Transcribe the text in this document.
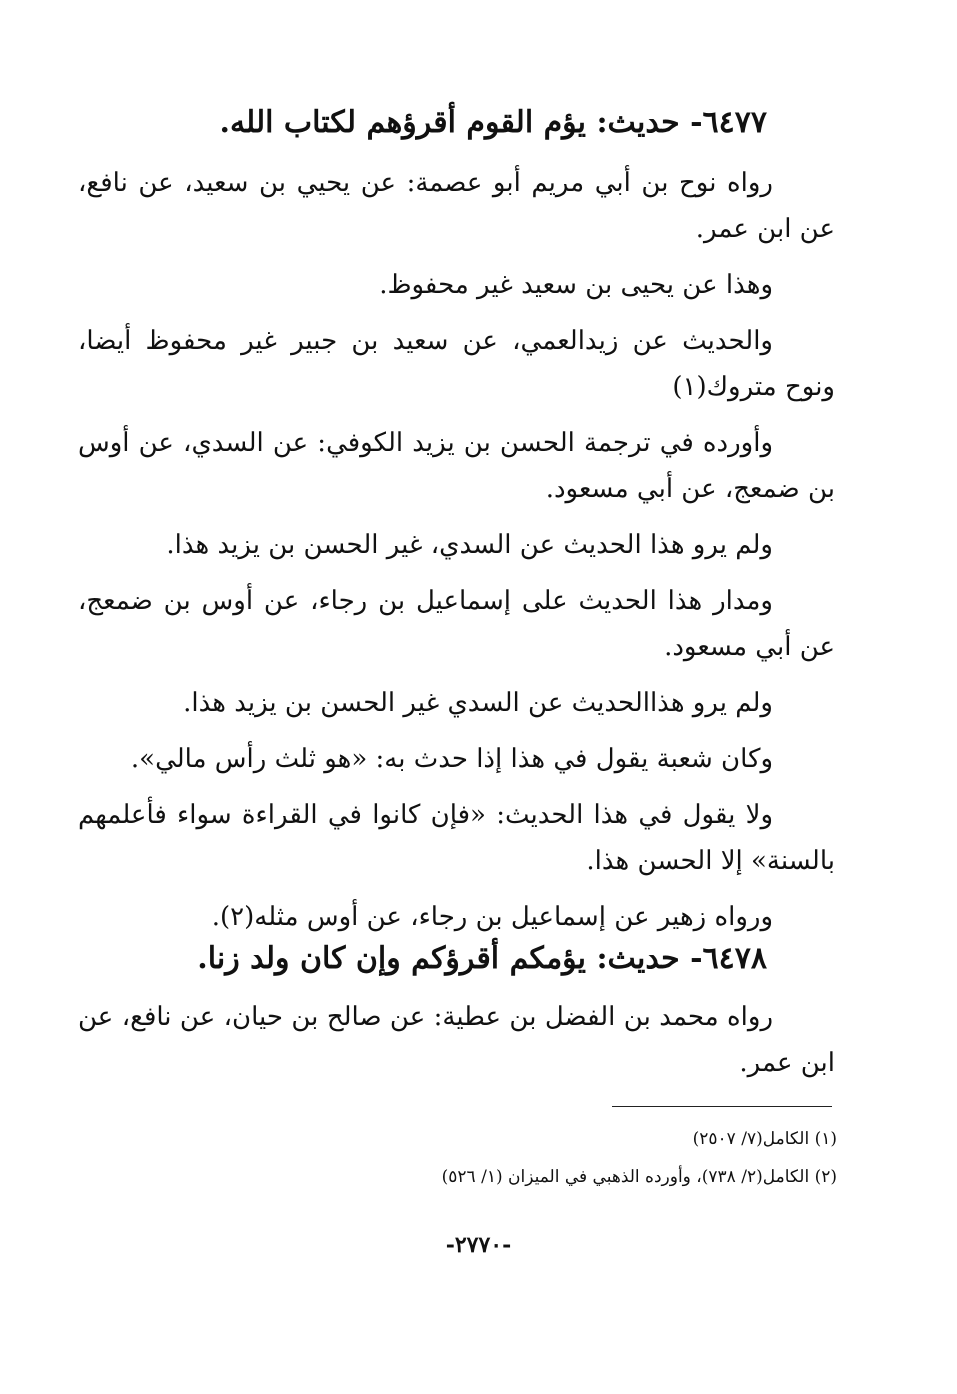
٦٤٧٧- حديث: يؤم القوم أقرؤهم لكتاب الله.

رواه نوح بن أبي مريم أبو عصمة: عن يحيي بن سعيد، عن نافع، عن ابن عمر.

وهذا عن يحيى بن سعيد غير محفوظ.

والحديث عن زيدالعمي، عن سعيد بن جبير غير محفوظ أيضا، ونوح متروك(١)

وأورده في ترجمة الحسن بن يزيد الكوفي: عن السدي، عن أوس بن ضمعج، عن أبي مسعود.

ولم يرو هذا الحديث عن السدي، غير الحسن بن يزيد هذا.

ومدار هذا الحديث على إسماعيل بن رجاء، عن أوس بن ضمعج، عن أبي مسعود.

ولم يرو هذاالحديث عن السدي غير الحسن بن يزيد هذا.

وكان شعبة يقول في هذا إذا حدث به: «هو ثلث رأس مالي».

ولا يقول في هذا الحديث: «فإن كانوا في القراءة سواء فأعلمهم بالسنة» إلا الحسن هذا.

ورواه زهير عن إسماعيل بن رجاء، عن أوس مثله(٢).

٦٤٧٨- حديث: يؤمكم أقرؤكم وإن كان ولد زنا.

رواه محمد بن الفضل بن عطية: عن صالح بن حيان، عن نافع، عن ابن عمر.

(١) الكامل(٧/ ٢٥٠٧)

(٢) الكامل(٢/ ٧٣٨)، وأورده الذهبي في الميزان (١/ ٥٢٦)

-٢٧٧٠-
